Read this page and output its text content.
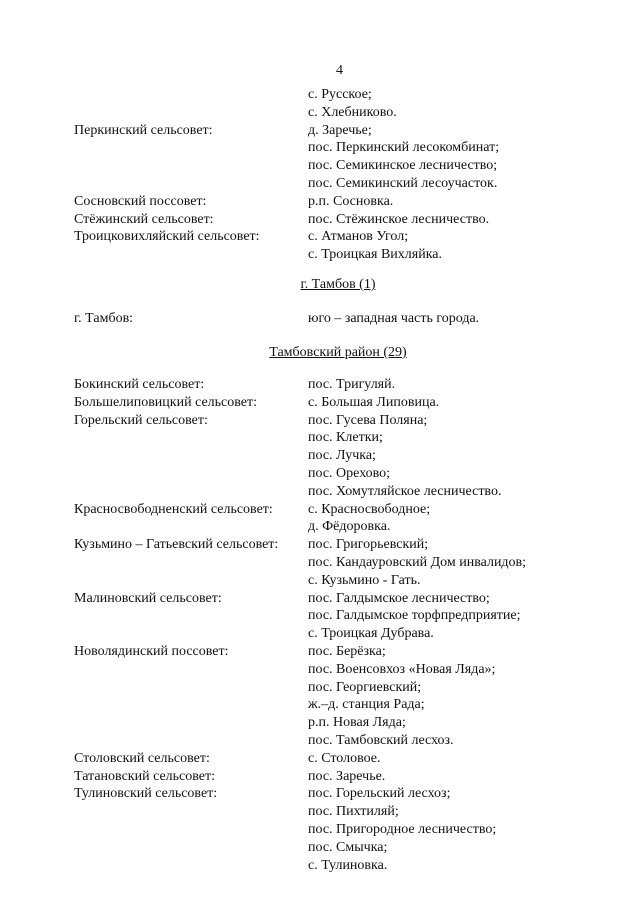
4
с. Русское;
с. Хлебниково.
Перкинский сельсовет:	д. Заречье;
пос. Перкинский лесокомбинат;
пос. Семикинское лесничество;
пос. Семикинский лесоучасток.
Сосновский поссовет:	р.п. Сосновка.
Стёжинский сельсовет:	пос. Стёжинское лесничество.
Троицковихляйский сельсовет:	с. Атманов Угол;
с. Троицкая Вихляйка.
г. Тамбов (1)
г. Тамбов:	юго – западная часть города.
Тамбовский район (29)
Бокинский сельсовет:	пос. Тригуляй.
Большелиповицкий сельсовет:	с. Большая Липовица.
Горельский сельсовет:	пос. Гусева Поляна;
пос. Клетки;
пос. Лучка;
пос. Орехово;
пос. Хомутляйское лесничество.
Красносвободненский сельсовет:	с. Красносвободное;
д. Фёдоровка.
Кузьмино – Гатьевский сельсовет: пос. Григорьевский;
пос. Кандауровский Дом инвалидов;
с. Кузьмино - Гать.
Малиновский сельсовет:	пос. Галдымское лесничество;
пос. Галдымское торфпредприятие;
с. Троицкая Дубрава.
Новолядинский поссовет:	пос. Берёзка;
пос. Военсовхоз «Новая Ляда»;
пос. Георгиевский;
ж.–д. станция Рада;
р.п. Новая Ляда;
пос. Тамбовский лесхоз.
Столовский сельсовет:	с. Столовое.
Татановский сельсовет:	пос. Заречье.
Тулиновский сельсовет:	пос. Горельский лесхоз;
пос. Пихтиляй;
пос. Пригородное лесничество;
пос. Смычка;
с. Тулиновка.
